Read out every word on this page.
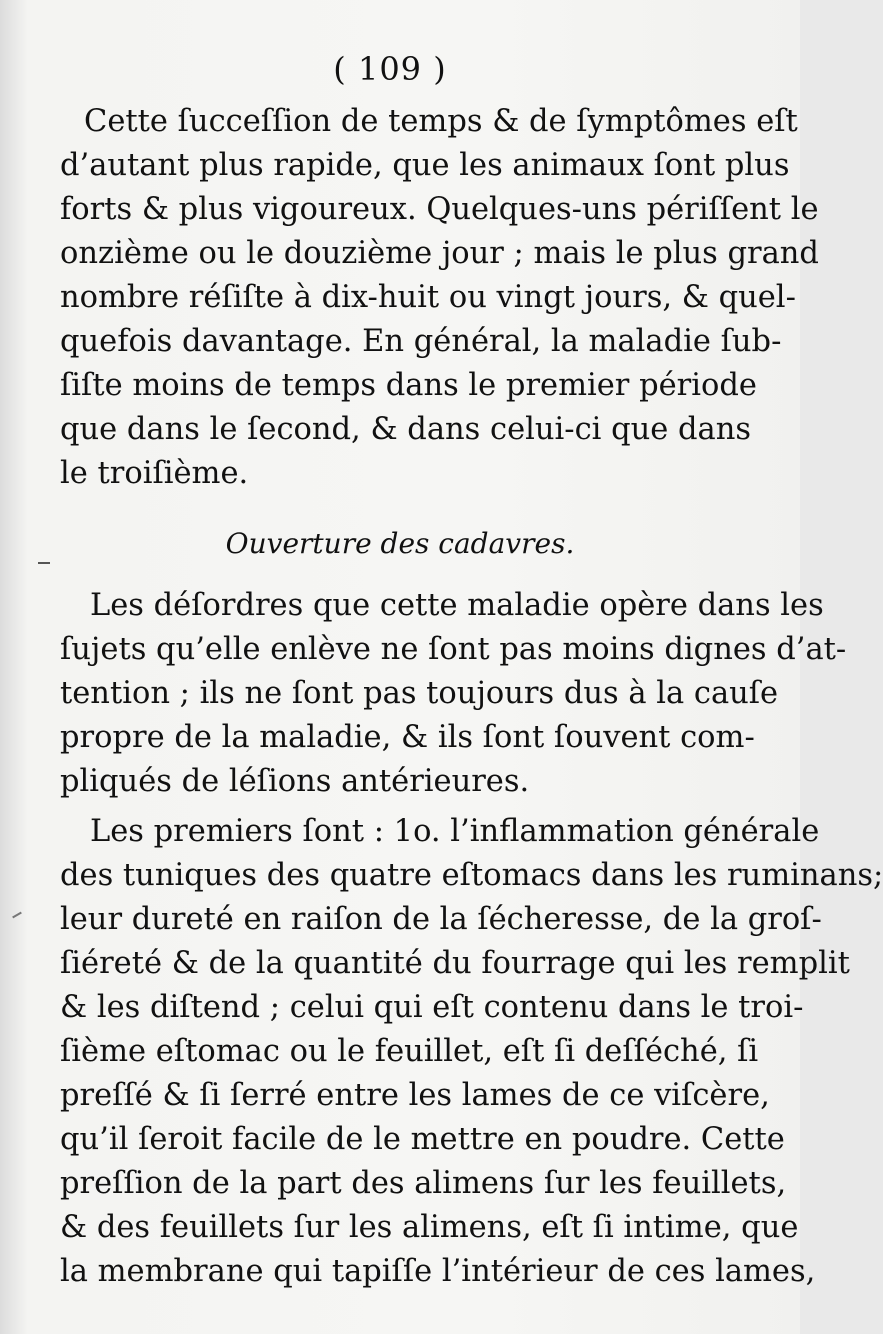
( 109 )
Cette ſucceſſion de temps & de ſymptômes eſt
d’autant plus rapide, que les animaux ſont plus
forts & plus vigoureux. Quelques-uns périſſent le
onzième ou le douzième jour ; mais le plus grand
nombre réſiſte à dix-huit ou vingt jours, & quel-
quefois davantage. En général, la maladie ſub-
ſiſte moins de temps dans le premier période
que dans le ſecond, & dans celui-ci que dans
le troiſième.
Ouverture des cadavres.
Les déſordres que cette maladie opère dans les
ſujets qu’elle enlève ne ſont pas moins dignes d’at-
tention ; ils ne ſont pas toujours dus à la cauſe
propre de la maladie, & ils ſont ſouvent com-
pliqués de léſions antérieures.
Les premiers ſont : 1o. l’inflammation générale
des tuniques des quatre eſtomacs dans les ruminans;
leur dureté en raiſon de la ſécheresse, de la groſ-
ſiéreté & de la quantité du fourrage qui les remplit
& les diſtend ; celui qui eſt contenu dans le troi-
ſième eſtomac ou le feuillet, eſt ſi deſſéché, ſi
preſſé & ſi ſerré entre les lames de ce viſcère,
qu’il ſeroit facile de le mettre en poudre. Cette
preſſion de la part des alimens ſur les feuillets,
& des feuillets ſur les alimens, eſt ſi intime, que
la membrane qui tapiſſe l’intérieur de ces lames,
